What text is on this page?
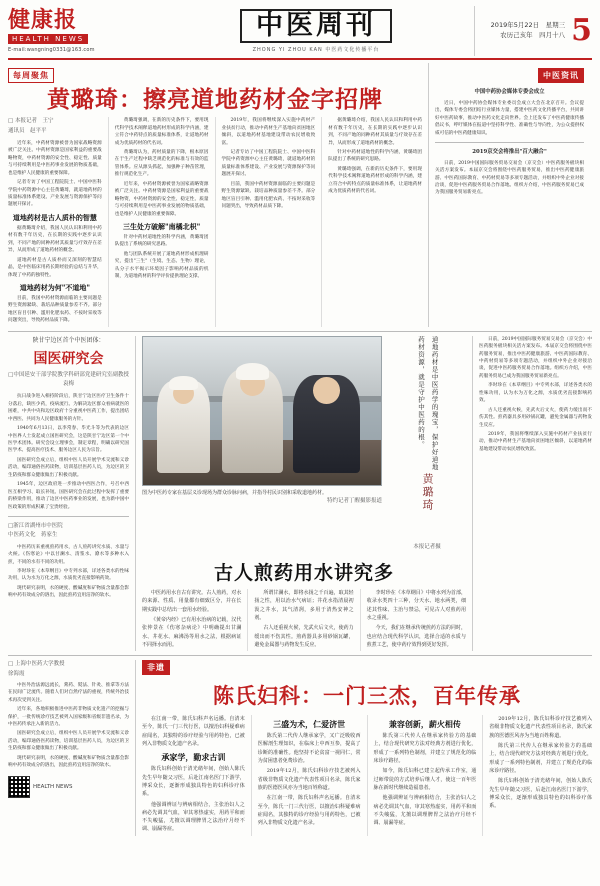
健康报
HEALTH NEWS
E-mail:wangning0331@163.com
中医周刊
ZHONG YI ZHOU KAN 中医药文化传播平台
2019年5月22日　星期三
农历己亥年　四月十八 5
每周聚焦
黄璐琦：擦亮道地药材金字招牌
□ 本报记者　王宁
通讯员　赵平平

近年来，中药材资源被誉为国家战略资源被广泛关注。中药材资源是国家利益的重要战略物资，中药材资源的安全性、稳定性、质量与可持续利用是中医药事业发展的物质基础，也是维护人民健康的重要保障。

记者专访了中国工程院院士、中国中医科学院中药资源中心主任黄璐琦，就道地药材的质量标准体系建设、产业发展与资源保护等问题展开探讨。

道地药材是古人质朴的智慧

据黄璐琦介绍，我国人民认识和利用中药材有数千年历史，在长期的实践中逐步认识到，不同产地的同种药材其质量与疗效存在差异，从而形成了道地药材的概念。

道地药材是古人质朴而又深刻的智慧结晶，是中医临床用药长期经验的总结与升华，体现了中药的独特性。

道地药材为何"不道地"

目前，我国中药材资源面临的主要问题是野生资源紧缺、栽培品种质量参差不齐。部分地区盲目引种、滥用化肥农药、不按时采收等问题突出，导致药材品质下降。

黄璐琦强调，在新的历史条件下，要用现代科学技术阐释道地药材形成的科学内涵，建立符合中药特点的质量标准体系，让道地药材成为优质药材的代名词。

黄璐琦认为，药材质量的下降，根本原因在于生产过程中缺乏规范化的标准与有效的监管体系。应从源头抓起，加强种子种苗管理，推行规范化生产。

近年来，中药材资源被誉为国家战略资源被广泛关注。中药材资源是国家利益的重要战略物资，中药材资源的安全性、稳定性、质量与可持续利用是中医药事业发展的物质基础，也是维护人民健康的重要保障。

三生处方破解"南橘北枳"

针对中药材道地性的科学内涵，黄璐琦团队提出了系统的研究思路。

他与团队系统开展了道地药材形成机理研究，提出"三生"（生境、生态、生物）理论，从分子水平揭示环境因子影响药材品质的机制，为道地药材的科学评价提供理论支撑。

2019年，我国将继续深入实施中药材产业扶贫行动，推动中药材生产基地向贫困地区倾斜，以道地药材基地建设带动农民增收致富。

记者专访了中国工程院院士、中国中医科学院中药资源中心主任黄璐琦，就道地药材的质量标准体系建设、产业发展与资源保护等问题展开探讨。

目前，我国中药材资源面临的主要问题是野生资源紧缺、栽培品种质量参差不齐。部分地区盲目引种、滥用化肥农药、不按时采收等问题突出，导致药材品质下降。

据黄璐琦介绍，我国人民认识和利用中药材有数千年历史，在长期的实践中逐步认识到，不同产地的同种药材其质量与疗效存在差异，从而形成了道地药材的概念。

针对中药材道地性的科学内涵，黄璐琦团队提出了系统的研究思路。

黄璐琦强调，在新的历史条件下，要用现代科学技术阐释道地药材形成的科学内涵，建立符合中药特点的质量标准体系，让道地药材成为优质药材的代名词。

中医资讯
中国中药协会媒体专委会成立

近日，中国中药协会媒体专业委员会成立大会在北京召开。会议提出，媒体专委会将团结行业媒体力量，搭建中医药文化传播平台，共同讲好中医药故事，推动中医药文化走向世界。会上还发布了中医药健康传播倡议书，呼吁媒体在报道中坚持科学性、准确性与导向性，为公众提供权威可信的中医药健康知识。

2019京交会将推出"百大融合"

日前，2019中国国际服务贸易交易会（京交会）中医药服务板块相关活方案发布。本届京交会将围绕中医药服务贸易，推出中医药健康旅游、中医药国际教育、中药材贸易等多项专题活动，并组织中外企业对接洽谈，促进中医药服务贸易合作落地。组织方介绍，中医药服务贸易已成为我国服务贸易新亮点。

陕甘宁边区首个中医团体：
国医研究会
□中国延安干部学院教学科研部党建研究室副教授　袁梅

抗日战争进入相持阶段后，陕甘宁边区医疗卫生条件十分落后，缺医少药，疫病流行。为解决边区群众看病就医的困难，中共中央和边区政府十分重视中医药工作，提出团结中西医、共同为人民健康服务的方针。

1940年6月13日，以李常春、毕光斗等为代表的边区中医界人士发起成立国医研究会，这是陕甘宁边区第一个中医学术团体。研究会设立理事会，制定章程，明确以研究国医学术、提高医疗技术、服务边区人民为宗旨。

国医研究会成立后，组织中医人员开展学术交流和义诊活动，编印通俗医药读物，培训基层医药人员，为边区的卫生防疫和群众健康做出了积极贡献。

1945年，边区政府进一步推动中西医合作，号召中西医互相学习、取长补短。国医研究会在此过程中发挥了重要的桥梁作用，推动了边区中医药事业的发展，也为新中国中医政策的形成积累了宝贵经验。

□浙江省湖州市中医院
中医药文化　蒋家生

中医药历来重视煎药用水，古人煎药讲究水质、水量与火候。《伤寒论》中以甘澜水、清浆水、潦水等多种水入煎，不同的水有不同的功用。

李时珍在《本草纲目》中专列水部，详述各类水的性味功用，认为水为万化之源，水质优劣直接影响药效。

现代研究表明，水的硬度、酸碱度和矿物质含量都会影响中药有效成分的溶出，因此煎药宜用洁净的软水。

图为中医药专家在基层义诊现场为群众诊脉问病，并指导村民识别和采收道地药材。
特约记者丁醒摄影报道
道地药材是中医药学的瑰宝，保护好道地药材资源，就是守护中医药的根。
黄璐琦
本报记者摄
古人煎药用水讲究多

中医药用水自古有讲究。古人煎药，对水的来源、性质、用量都有细致区分，并在长期实践中总结出一套用水经验。

《黄帝内经》已有用水治病的记载，汉代张仲景在《伤寒杂病论》中明确提出甘澜水、井花水、麻沸汤等用水之法，根据病证不同择水而用。

所谓甘澜水，即将水扬之千百遍，取其轻扬之性，用以治水气病证；井花水指清晨初汲之井水，其气清冽，多用于清热安神之剂。

古人还重视火候，先武火后文火，使药力缓出而不伤其性。煎药器具多用砂锅瓦罐，避免金属器与药物发生反应。

李时珍在《本草纲目》中将水列为首部，收录水类四十三种，分天水、地水两类，细述其性味、主治与禁忌，可见古人对煎药用水之重视。

今天，我们在继承传统煎药方法的同时，也应结合现代科学认识，选择合适的水质与煎煮工艺，使中药疗效得到更好发挥。

日前，2019中国国际服务贸易交易会（京交会）中医药服务板块相关活方案发布。本届京交会将围绕中医药服务贸易，推出中医药健康旅游、中医药国际教育、中药材贸易等多项专题活动，并组织中外企业对接洽谈，促进中医药服务贸易合作落地。组织方介绍，中医药服务贸易已成为我国服务贸易新亮点。

李时珍在《本草纲目》中专列水部，详述各类水的性味功用，认为水为万化之源，水质优劣直接影响药效。

古人还重视火候，先武火后文火，使药力缓出而不伤其性。煎药器具多用砂锅瓦罐，避免金属器与药物发生反应。

2019年，我国将继续深入实施中药材产业扶贫行动，推动中药材生产基地向贫困地区倾斜，以道地药材基地建设带动农民增收致富。

□ 上海中医药大学教授
徐海霞

中医外治法源远流长，膏药、熨法、针灸、推拿等方法在民间广泛流传。随着人们对自然疗法的重视，传统外治技术再次受到关注。

近年来，各地积极推进中医药非物质文化遗产的挖掘与保护，一批传统诊疗技艺被列入国家级和省级非遗名录，为中医药传承注入新的活力。

国医研究会成立后，组织中医人员开展学术交流和义诊活动，编印通俗医药读物，培训基层医药人员，为边区的卫生防疫和群众健康做出了积极贡献。

现代研究表明，水的硬度、酸碱度和矿物质含量都会影响中药有效成分的溶出，因此煎药宜用洁净的软水。

HEALTH NEWS
非遗
陈氏妇科：一门三杰，百年传承

在江南一带，陈氏妇科声名远播。自清末至今，陈氏一门三代行医，以擅治妇科疑难病症闻名，其独特的诊疗经验与用药特色，已被列入非物质文化遗产名录。

承家学，勤求古训

陈氏妇科创始于清光绪年间，创始人陈氏先生早年随父习医，后赴江南名医门下游学，博采众长，逐渐形成独具特色的妇科诊疗体系。

他强调辨证与辨病相结合，主张治妇人之病必先调其气血，审其寒热虚实，用药平和而不失峻猛，尤擅以调理脾胃之法治疗月经不调、崩漏等症。

三盛为术，仁爱济世

陈氏第二代传人继承家学，又广泛吸收西医解剖生理知识，在临床上中西互参，提高了诊断的准确性。他坚持不论贫富一视同仁，常为贫困患者免费诊治。

2019年12月，陈氏妇科诊疗技艺被列入省级非物质文化遗产代表性项目名录，陈氏家族的医德医风亦为当地百姓称道。

在江南一带，陈氏妇科声名远播。自清末至今，陈氏一门三代行医，以擅治妇科疑难病症闻名，其独特的诊疗经验与用药特色，已被列入非物质文化遗产名录。

兼容创新，薪火相传

陈氏第三代传人在继承家传验方的基础上，结合现代研究方法对经典方剂进行优化，形成了一系列特色制剂，并建立了规范化的临床诊疗路径。

如今，陈氏妇科已建立起传承工作室，通过师带徒的方式培养后继人才，使这一百年医脉在新时代继续造福患者。

他强调辨证与辨病相结合，主张治妇人之病必先调其气血，审其寒热虚实，用药平和而不失峻猛，尤擅以调理脾胃之法治疗月经不调、崩漏等症。

2019年12月，陈氏妇科诊疗技艺被列入省级非物质文化遗产代表性项目名录，陈氏家族的医德医风亦为当地百姓称道。

陈氏第三代传人在继承家传验方的基础上，结合现代研究方法对经典方剂进行优化，形成了一系列特色制剂，并建立了规范化的临床诊疗路径。

陈氏妇科创始于清光绪年间，创始人陈氏先生早年随父习医，后赴江南名医门下游学，博采众长，逐渐形成独具特色的妇科诊疗体系。
